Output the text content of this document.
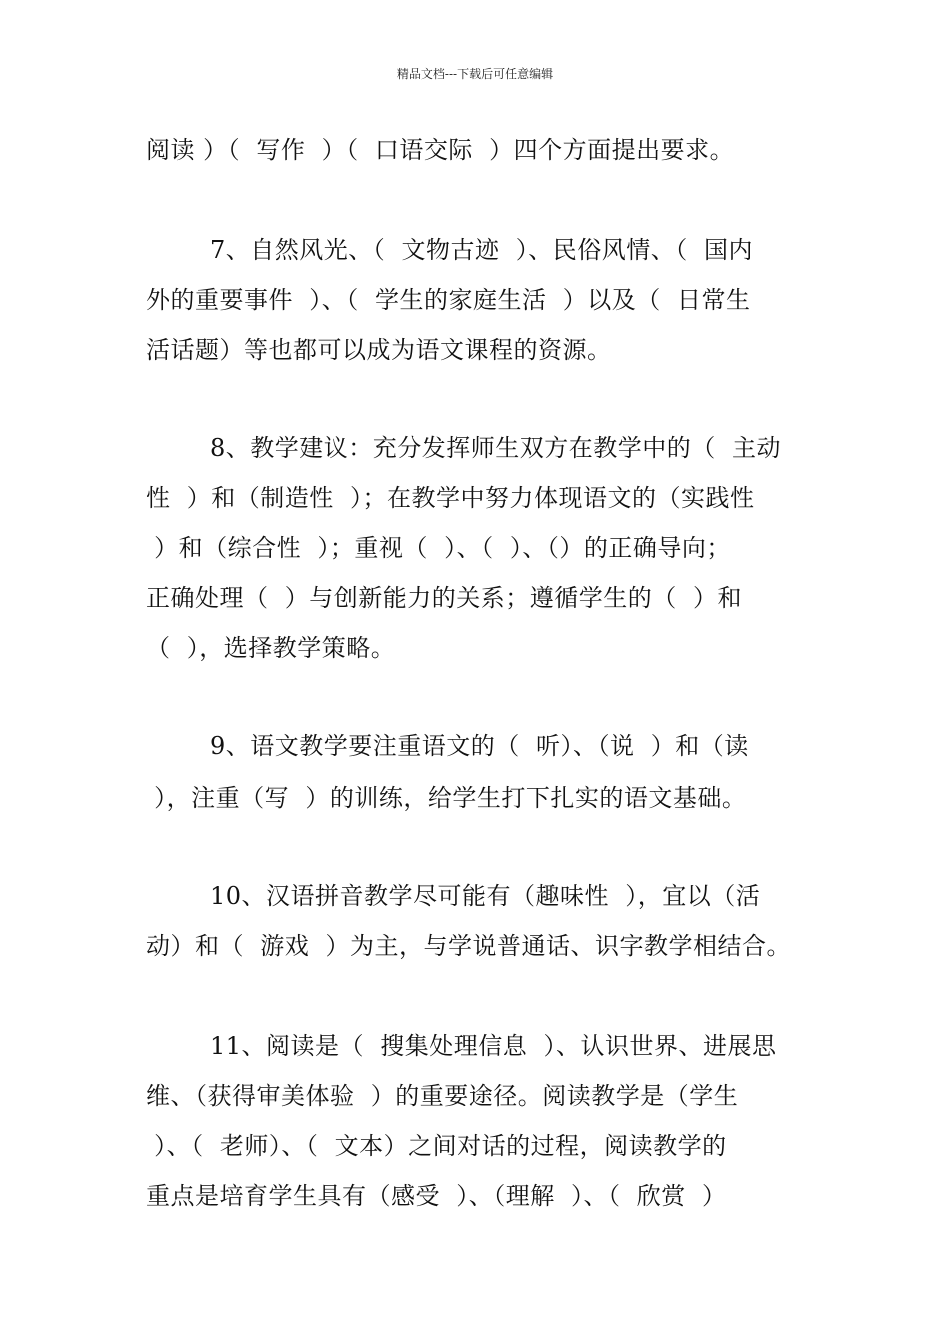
精品文档---下载后可任意编辑
阅读 ）（  写作  ）（  口语交际  ）四个方面提出要求。
7、自然风光、（  文物古迹  ）、民俗风情、（  国内
外的重要事件  ）、（  学生的家庭生活  ）以及（  日常生
活话题）等也都可以成为语文课程的资源。
8、教学建议：充分发挥师生双方在教学中的（  主动
性  ）和（制造性  ）；在教学中努力体现语文的（实践性
）和（综合性  ）；重视（  ）、（  ）、（）的正确导向；
正确处理（  ）与创新能力的关系；遵循学生的（  ）和
（  ），选择教学策略。
9、语文教学要注重语文的（  听）、（说  ）和（读
），注重（写  ）的训练，给学生打下扎实的语文基础。
10、汉语拼音教学尽可能有（趣味性  ），宜以（活
动）和（  游戏  ）为主，与学说普通话、识字教学相结合。
11、阅读是（  搜集处理信息  ）、认识世界、进展思
维、（获得审美体验  ）的重要途径。阅读教学是（学生
）、（  老师）、（  文本）之间对话的过程，阅读教学的
重点是培育学生具有（感受  ）、（理解  ）、（  欣赏  ）
